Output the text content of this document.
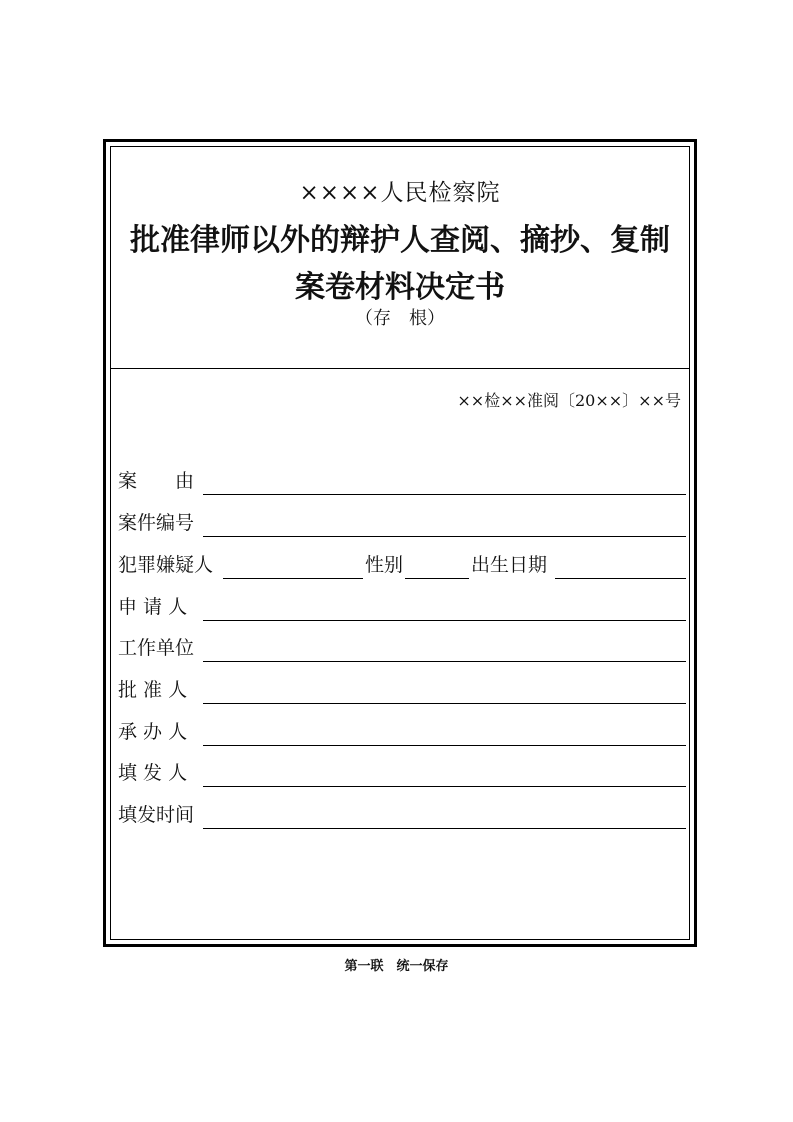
××××人民检察院
批准律师以外的辩护人查阅、摘抄、复制
案卷材料决定书
（存　根）
××检××准阅〔20××〕××号
案　　由
案件编号
犯罪嫌疑人	性别	出生日期
申 请 人
工作单位
批 准 人
承 办 人
填 发 人
填发时间
第一联　统一保存
